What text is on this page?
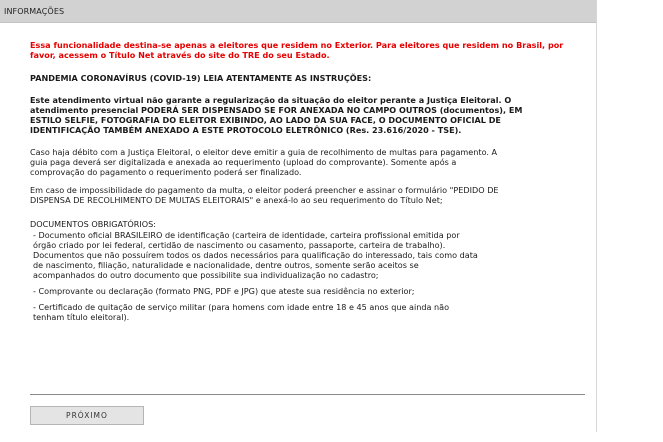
INFORMAÇÕES

Essa funcionalidade destina-se apenas a eleitores que residem no Exterior. Para eleitores que residem no Brasil, por favor, acessem o Título Net através do site do TRE do seu Estado.

PANDEMIA CORONAVÍRUS (COVID-19) LEIA ATENTAMENTE AS INSTRUÇÕES:

Este atendimento virtual não garante a regularização da situação do eleitor perante a Justiça Eleitoral. O

atendimento presencial PODERÁ SER DISPENSADO SE FOR ANEXADA NO CAMPO OUTROS (documentos), EM

ESTILO SELFIE, FOTOGRAFIA DO ELEITOR EXIBINDO, AO LADO DA SUA FACE, O DOCUMENTO OFICIAL DE

IDENTIFICAÇÃO TAMBÉM ANEXADO A ESTE PROTOCOLO ELETRÔNICO (Res. 23.616/2020 - TSE).

Caso haja débito com a Justiça Eleitoral, o eleitor deve emitir a guia de recolhimento de multas para pagamento. A

guia paga deverá ser digitalizada e anexada ao requerimento (upload do comprovante). Somente após a

comprovação do pagamento o requerimento poderá ser finalizado.

Em caso de impossibilidade do pagamento da multa, o eleitor poderá preencher e assinar o formulário "PEDIDO DE

DISPENSA DE RECOLHIMENTO DE MULTAS ELEITORAIS" e anexá-lo ao seu requerimento do Título Net;

DOCUMENTOS OBRIGATÓRIOS:

- Documento oficial BRASILEIRO de identificação (carteira de identidade, carteira profissional emitida por

órgão criado por lei federal, certidão de nascimento ou casamento, passaporte, carteira de trabalho).

Documentos que não possuírem todos os dados necessários para qualificação do interessado, tais como data

de nascimento, filiação, naturalidade e nacionalidade, dentre outros, somente serão aceitos se

acompanhados do outro documento que possibilite sua individualização no cadastro;

- Comprovante ou declaração (formato PNG, PDF e JPG) que ateste sua residência no exterior;

- Certificado de quitação de serviço militar (para homens com idade entre 18 e 45 anos que ainda não

tenham título eleitoral).

PRÓXIMO
